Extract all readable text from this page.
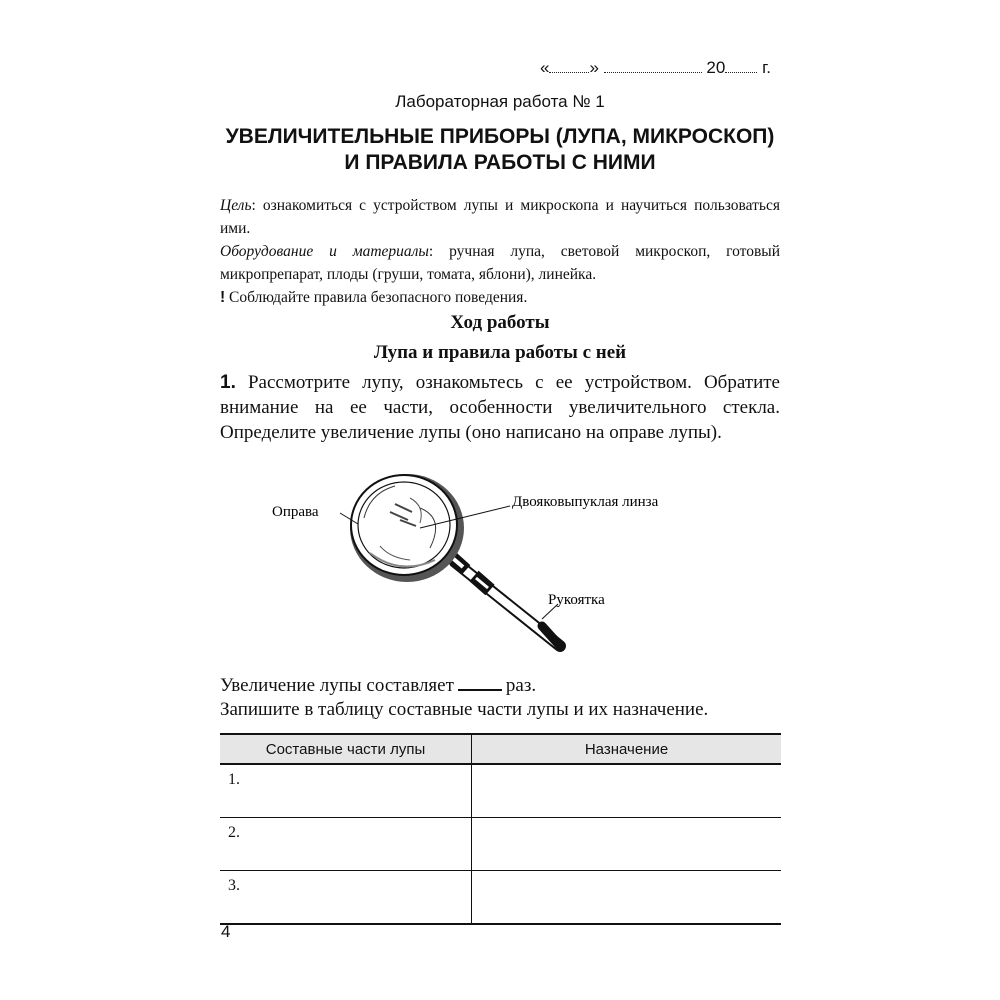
« »	20 г.
Лабораторная работа № 1
УВЕЛИЧИТЕЛЬНЫЕ ПРИБОРЫ (ЛУПА, МИКРОСКОП)
И ПРАВИЛА РАБОТЫ С НИМИ

Цель: ознакомиться с устройством лупы и микроскопа и научиться пользоваться ими.

Оборудование и материалы: ручная лупа, световой микроскоп, готовый микропрепарат, плоды (груши, томата, яблони), линейка.

! Соблюдайте правила безопасного поведения.

Ход работы
Лупа и правила работы с ней
1. Рассмотрите лупу, ознакомьтесь с ее устройством. Обратите внимание на ее части, особенности увеличительного стекла. Определите увеличение лупы (оно написано на оправе лупы).
Оправа
Двояковыпуклая линза
Рукоятка
Увеличение лупы составляет	раз.
Запишите в таблицу составные части лупы и их назначение.
Составные части лупы	Назначение
1.	
2.	
3.	
4
